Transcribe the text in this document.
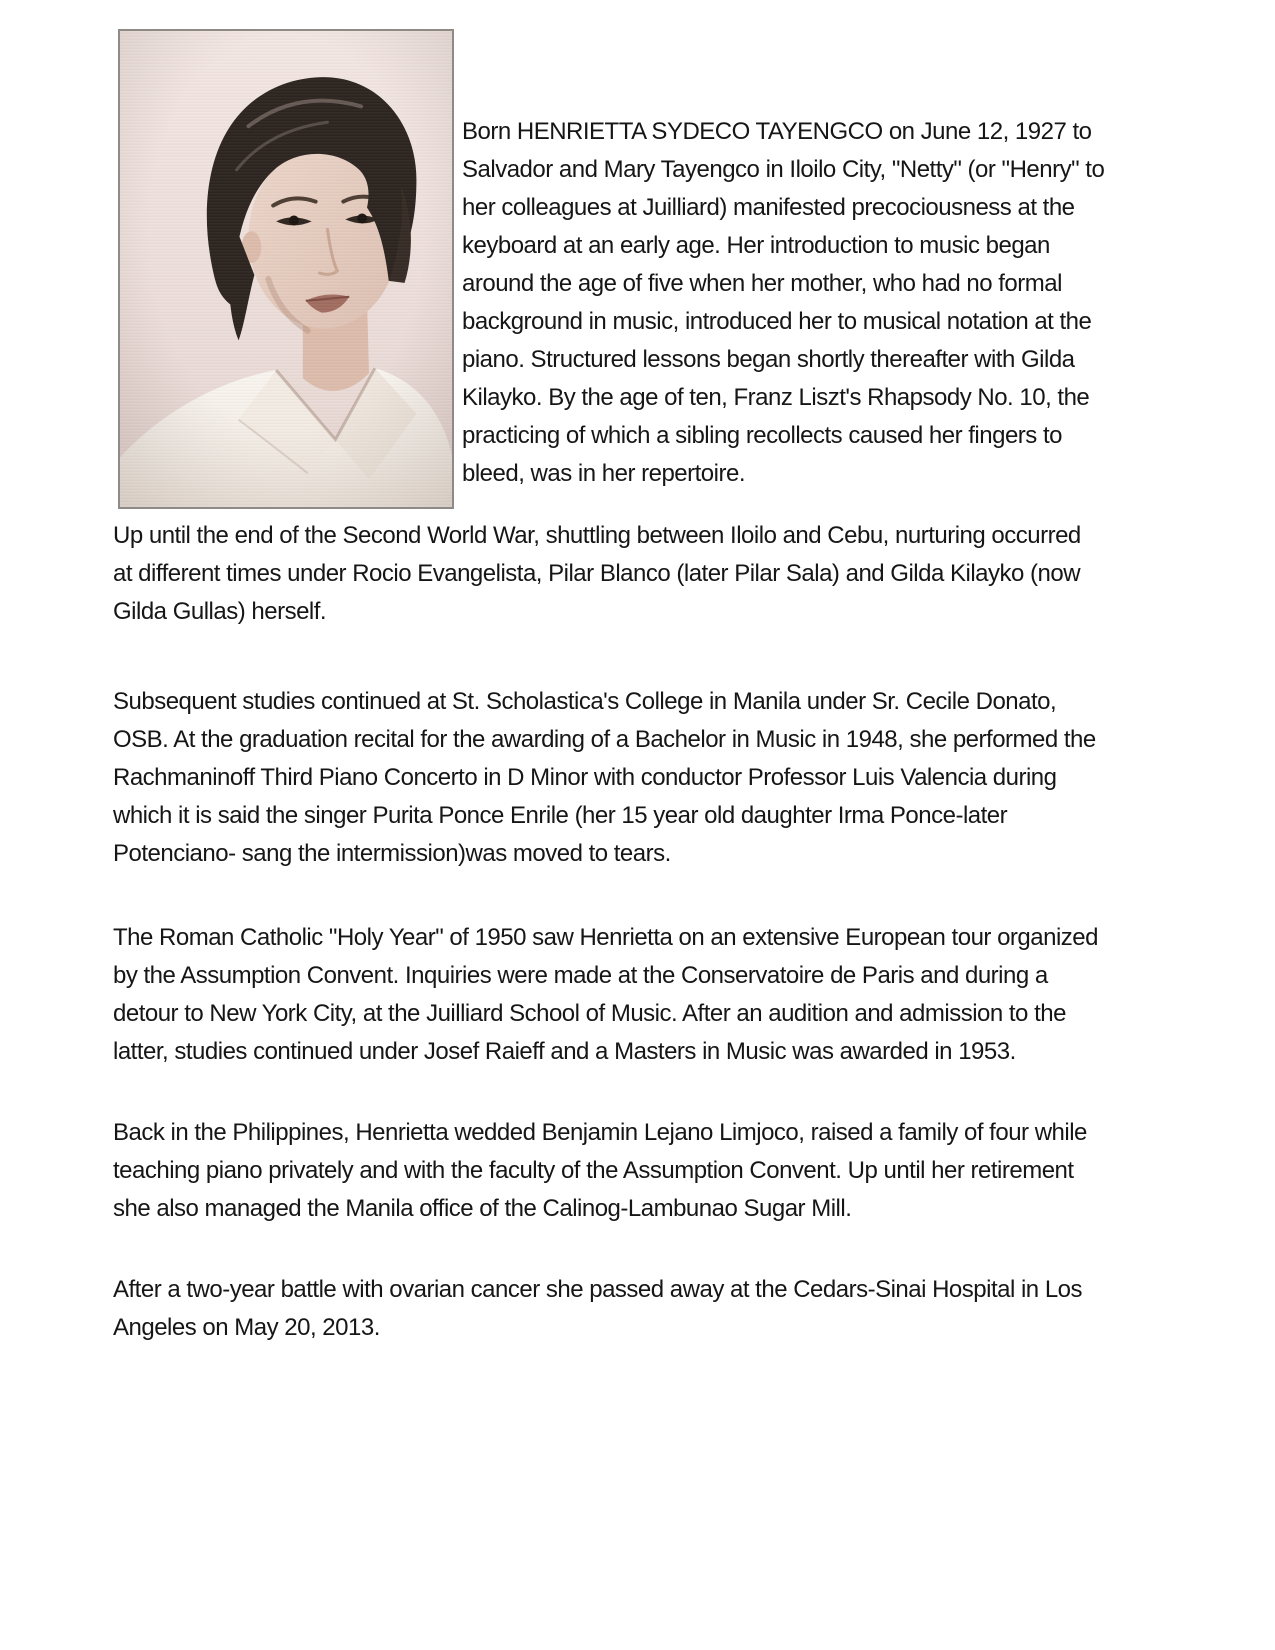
Born HENRIETTA SYDECO TAYENGCO on June 12, 1927 to Salvador and Mary Tayengco in Iloilo City, "Netty" (or "Henry" to her colleagues at Juilliard) manifested precociousness at the keyboard at an early age. Her introduction to music began around the age of five when her mother, who had no formal background in music, introduced her to musical notation at the piano. Structured lessons began shortly thereafter with Gilda Kilayko. By the age of ten, Franz Liszt's Rhapsody No. 10, the practicing of which a sibling recollects caused her fingers to bleed, was in her repertoire.

Up until the end of the Second World War, shuttling between Iloilo and Cebu, nurturing occurred at different times under Rocio Evangelista, Pilar Blanco (later Pilar Sala) and Gilda Kilayko (now Gilda Gullas) herself.

Subsequent studies continued at St. Scholastica's College in Manila under Sr. Cecile Donato, OSB. At the graduation recital for the awarding of a Bachelor in Music in 1948, she performed the Rachmaninoff Third Piano Concerto in D Minor with conductor Professor Luis Valencia during which it is said the singer Purita Ponce Enrile (her 15 year old daughter Irma Ponce-later Potenciano- sang the intermission)was moved to tears.

The Roman Catholic "Holy Year" of 1950 saw Henrietta on an extensive European tour organized by the Assumption Convent. Inquiries were made at the Conservatoire de Paris and during a detour to New York City, at the Juilliard School of Music. After an audition and admission to the latter, studies continued under Josef Raieff and a Masters in Music was awarded in 1953.

Back in the Philippines, Henrietta wedded Benjamin Lejano Limjoco, raised a family of four while teaching piano privately and with the faculty of the Assumption Convent. Up until her retirement she also managed the Manila office of the Calinog-Lambunao Sugar Mill.

After a two-year battle with ovarian cancer she passed away at the Cedars-Sinai Hospital in Los Angeles on May 20, 2013.
